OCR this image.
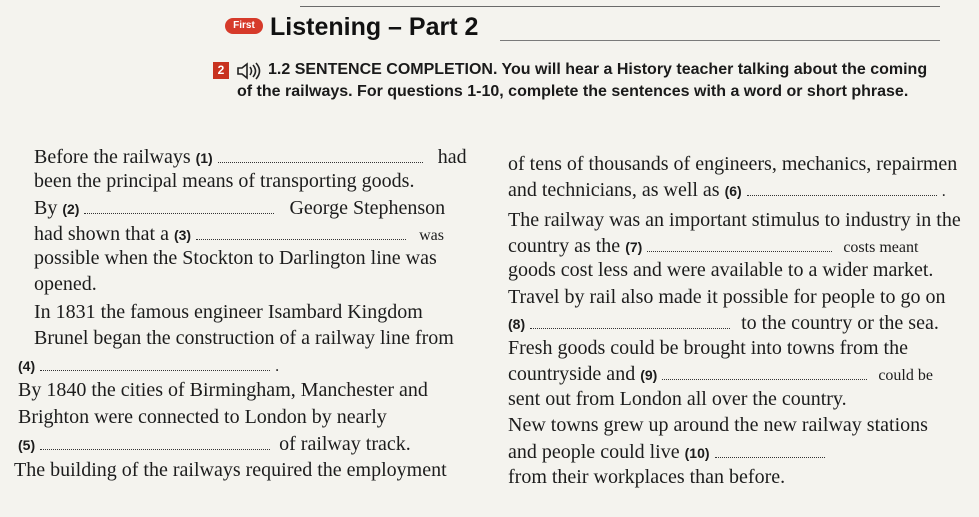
First Listening – Part 2
2	1.2 SENTENCE COMPLETION. You will hear a History teacher talking about the coming
of the railways. For questions 1-10, complete the sentences with a word or short phrase.
Before the railways (1)	had
been the principal means of transporting goods.
By (2)	George Stephenson
had shown that a (3)	was
possible when the Stockton to Darlington line was
opened.
In 1831 the famous engineer Isambard Kingdom
Brunel began the construction of a railway line from
(4)	.
By 1840 the cities of Birmingham, Manchester and
Brighton were connected to London by nearly
(5)	of railway track.
The building of the railways required the employment
of tens of thousands of engineers, mechanics, repairmen
and technicians, as well as (6)	.
The railway was an important stimulus to industry in the
country as the (7)	costs meant
goods cost less and were available to a wider market.
Travel by rail also made it possible for people to go on
(8)	to the country or the sea.
Fresh goods could be brought into towns from the
countryside and (9)	could be
sent out from London all over the country.
New towns grew up around the new railway stations
and people could live (10)
from their workplaces than before.
